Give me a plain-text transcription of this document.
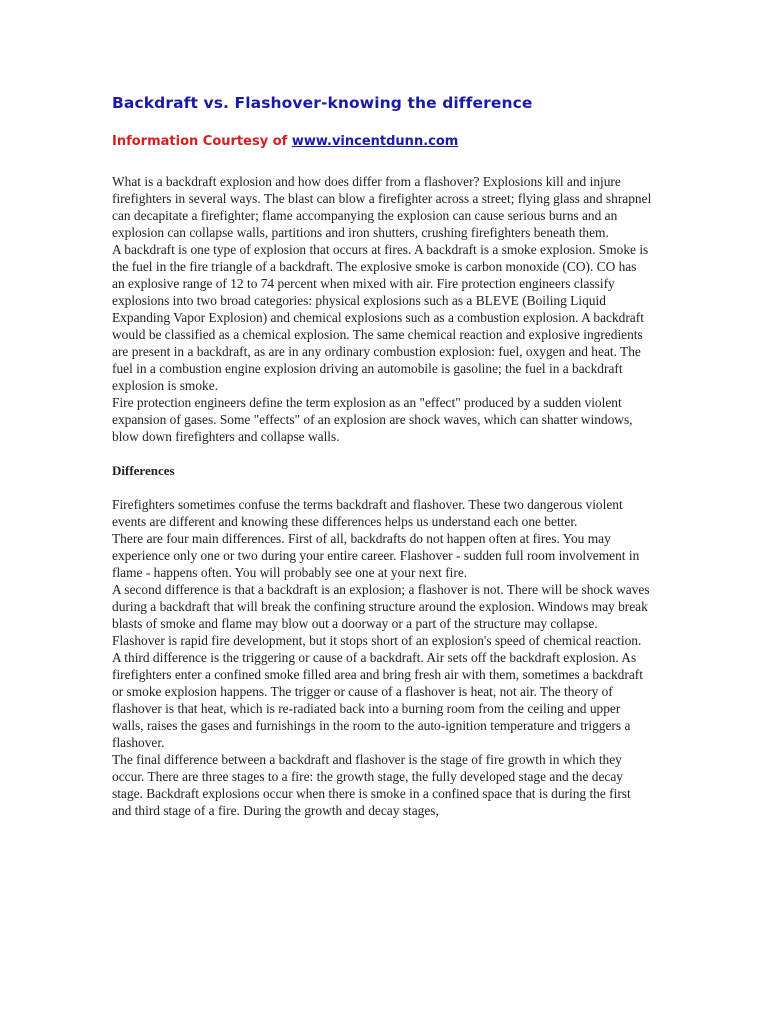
Backdraft vs. Flashover-knowing the difference
Information Courtesy of www.vincentdunn.com

What is a backdraft explosion and how does differ from a flashover? Explosions kill and injure firefighters in several ways. The blast can blow a firefighter across a street; flying glass and shrapnel can decapitate a firefighter; flame accompanying the explosion can cause serious burns and an explosion can collapse walls, partitions and iron shutters, crushing firefighters beneath them.

A backdraft is one type of explosion that occurs at fires. A backdraft is a smoke explosion. Smoke is the fuel in the fire triangle of a backdraft. The explosive smoke is carbon monoxide (CO). CO has an explosive range of 12 to 74 percent when mixed with air. Fire protection engineers classify explosions into two broad categories: physical explosions such as a BLEVE (Boiling Liquid Expanding Vapor Explosion) and chemical explosions such as a combustion explosion. A backdraft would be classified as a chemical explosion. The same chemical reaction and explosive ingredients are present in a backdraft, as are in any ordinary combustion explosion: fuel, oxygen and heat. The fuel in a combustion engine explosion driving an automobile is gasoline; the fuel in a backdraft explosion is smoke.

Fire protection engineers define the term explosion as an "effect" produced by a sudden violent expansion of gases. Some "effects" of an explosion are shock waves, which can shatter windows, blow down firefighters and collapse walls.

Differences

Firefighters sometimes confuse the terms backdraft and flashover. These two dangerous violent events are different and knowing these differences helps us understand each one better.

There are four main differences. First of all, backdrafts do not happen often at fires. You may experience only one or two during your entire career. Flashover - sudden full room involvement in flame - happens often. You will probably see one at your next fire.

A second difference is that a backdraft is an explosion; a flashover is not. There will be shock waves during a backdraft that will break the confining structure around the explosion. Windows may break blasts of smoke and flame may blow out a doorway or a part of the structure may collapse. Flashover is rapid fire development, but it stops short of an explosion's speed of chemical reaction.

A third difference is the triggering or cause of a backdraft. Air sets off the backdraft explosion. As firefighters enter a confined smoke filled area and bring fresh air with them, sometimes a backdraft or smoke explosion happens. The trigger or cause of a flashover is heat, not air. The theory of flashover is that heat, which is re-radiated back into a burning room from the ceiling and upper walls, raises the gases and furnishings in the room to the auto-ignition temperature and triggers a flashover.

The final difference between a backdraft and flashover is the stage of fire growth in which they occur. There are three stages to a fire: the growth stage, the fully developed stage and the decay stage. Backdraft explosions occur when there is smoke in a confined space that is during the first and third stage of a fire. During the growth and decay stages,
